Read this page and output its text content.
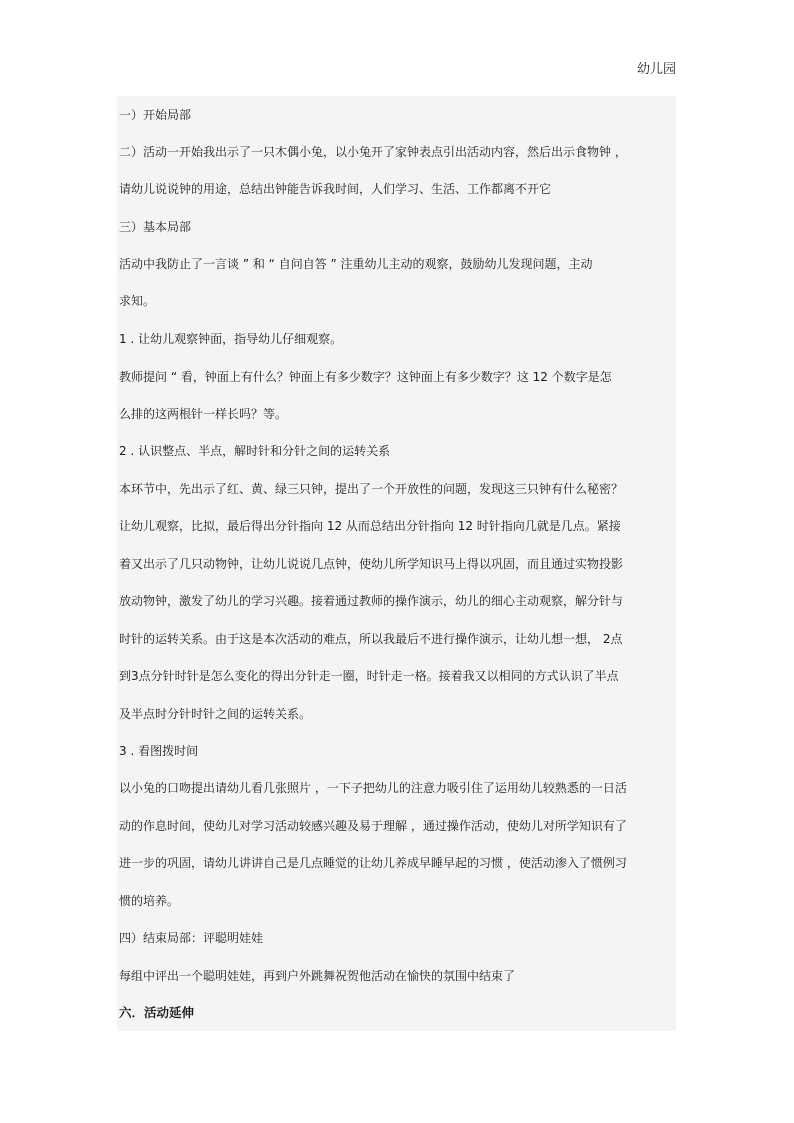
幼儿园
一）开始局部
二）活动一开始我出示了一只木偶小兔，以小兔开了家钟表点引出活动内容，然后出示食物钟 ，
请幼儿说说钟的用途，总结出钟能告诉我时间，人们学习、生活、工作都离不开它
三）基本局部
活动中我防止了一言谈 ” 和 “ 自问自答 ” 注重幼儿主动的观察，鼓励幼儿发现问题，主动
求知。
1 . 让幼儿观察钟面，指导幼儿仔细观察。
教师提问 “ 看，钟面上有什么？钟面上有多少数字？这钟面上有多少数字？这 12 个数字是怎
么排的这两根针一样长吗？等。
2 . 认识整点、半点，解时针和分针之间的运转关系
本环节中，先出示了红、黄、绿三只钟，提出了一个开放性的问题，发现这三只钟有什么秘密？
让幼儿观察，比拟，最后得出分针指向 12 从而总结出分针指向 12 时针指向几就是几点。紧接
着又出示了几只动物钟，让幼儿说说几点钟，使幼儿所学知识马上得以巩固，而且通过实物投影
放动物钟，激发了幼儿的学习兴趣。接着通过教师的操作演示，幼儿的细心主动观察，解分针与
时针的运转关系。由于这是本次活动的难点，所以我最后不进行操作演示，让幼儿想一想， 2点
到3点分针时针是怎么变化的得出分针走一圈，时针走一格。接着我又以相同的方式认识了半点
及半点时分针时针之间的运转关系。
3 . 看图拨时间
以小兔的口吻提出请幼儿看几张照片 ，一下子把幼儿的注意力吸引住了运用幼儿较熟悉的一日活
动的作息时间，使幼儿对学习活动较感兴趣及易于理解 ，通过操作活动，使幼儿对所学知识有了
进一步的巩固，请幼儿讲讲自己是几点睡觉的让幼儿养成早睡早起的习惯 ，使活动渗入了惯例习
惯的培养。
四）结束局部：评聪明娃娃
每组中评出一个聪明娃娃，再到户外跳舞祝贺他活动在愉快的氛围中结束了
六．活动延伸
